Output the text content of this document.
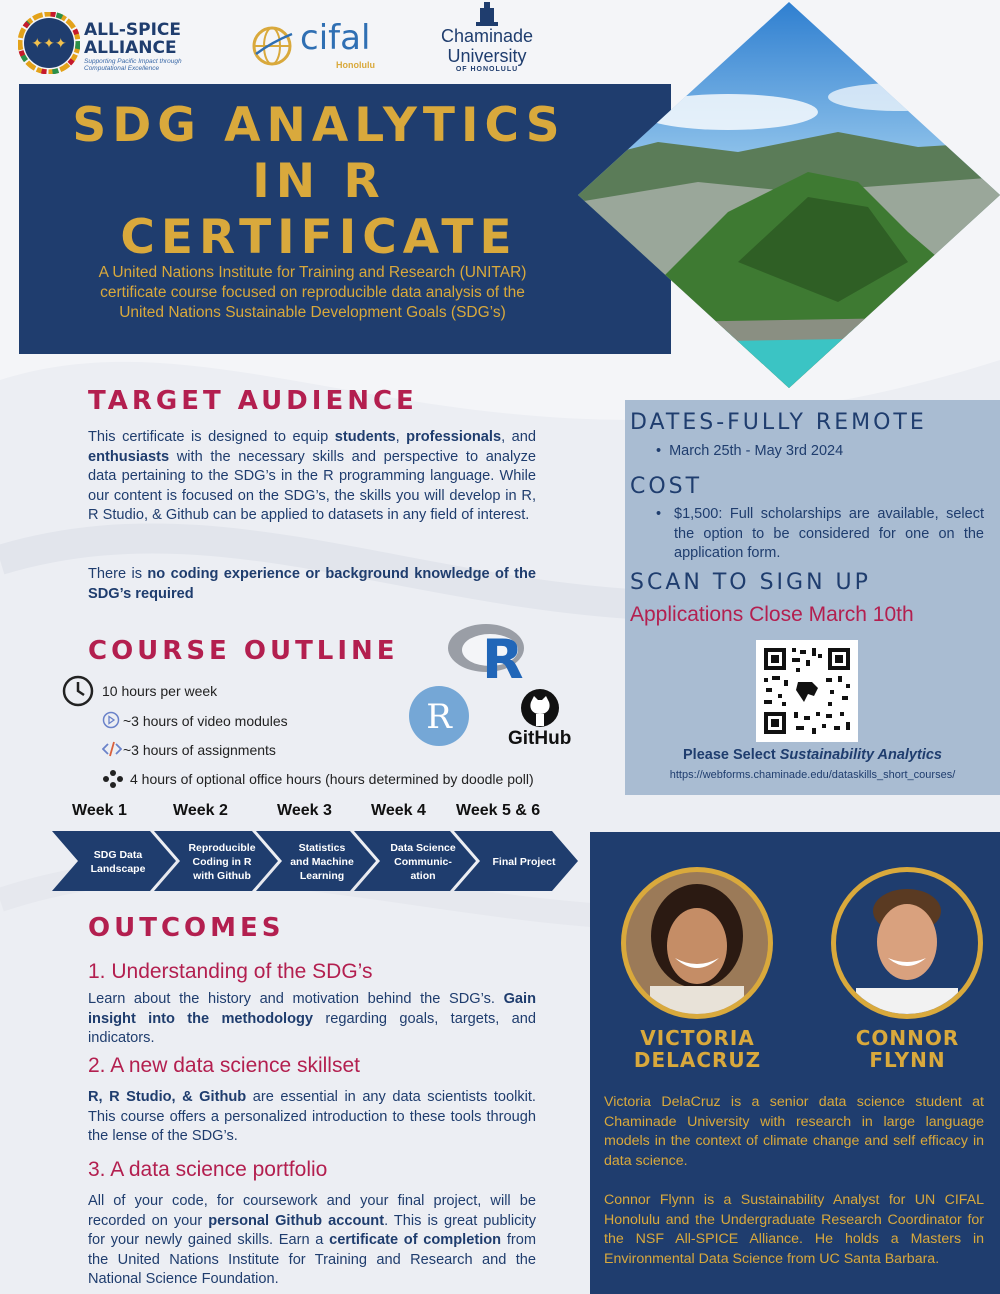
✦✦✦
ALL-SPICE
ALLIANCE
Supporting Pacific Impact through
Computational Excellence
cifal
Honolulu
Chaminade
University
OF HONOLULU
SDG ANALYTICS
IN R
CERTIFICATE
A United Nations Institute for Training and Research (UNITAR) certificate course focused on reproducible data analysis of the United Nations Sustainable Development Goals (SDG’s)
TARGET AUDIENCE
This certificate is designed to equip students, professionals, and enthusiasts with the necessary skills and perspective to analyze data pertaining to the SDG’s in the R programming language. While our content is focused on the SDG’s, the skills you will develop in R, R Studio, & Github can be applied to datasets in any field of interest.
There is no coding experience or background knowledge of the SDG’s required
COURSE OUTLINE
10 hours per week
~3 hours of video modules
~3 hours of assignments
4 hours of optional office hours (hours determined by doodle poll)
R
R
GitHub
Week 1	Week 2	Week 3 Week 4 Week 5 & 6
SDG Data
Landscape
Reproducible
Coding in R
with Github
Statistics
and Machine
Learning
Data Science
Communic-
ation
Final Project
OUTCOMES
1. Understanding of the SDG’s
Learn about the history and motivation behind the SDG’s. Gain insight into the methodology regarding goals, targets, and indicators.
2. A new data science skillset
R, R Studio, & Github are essential in any data scientists toolkit. This course offers a personalized introduction to these tools through the lense of the SDG’s.
3. A data science portfolio
All of your code, for coursework and your final project, will be recorded on your personal Github account. This is great publicity for your newly gained skills. Earn a certificate of completion from the United Nations Institute for Training and Research and the National Science Foundation.
DATES-FULLY REMOTE
• March 25th - May 3rd 2024
COST
• $1,500: Full scholarships are available, select the option to be considered for one on the application form.
SCAN TO SIGN UP
Applications Close March 10th
Please Select Sustainability Analytics
https://webforms.chaminade.edu/dataskills_short_courses/
VICTORIA
DELACRUZ
CONNOR
FLYNN
Victoria DelaCruz is a senior data science student at Chaminade University with research in large language models in the context of climate change and self efficacy in data science.
Connor Flynn is a Sustainability Analyst for UN CIFAL Honolulu and the Undergraduate Research Coordinator for the NSF All-SPICE Alliance. He holds a Masters in Environmental Data Science from UC Santa Barbara.
